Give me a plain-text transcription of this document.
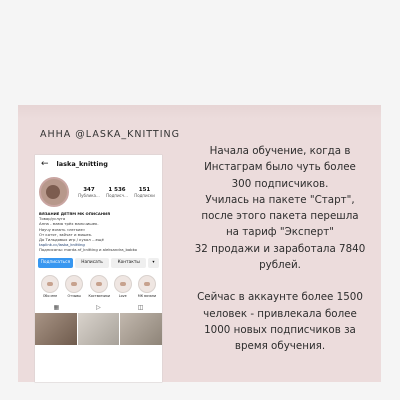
АННА @LASKA_KNITTING
← laska_knitting
347
Публика...
1 536
Подписч...
151
Подписки
ВЯЗАНИЕ ДЕТЯМ МК ОПИСАНИЯ
Товар/услуга
Анна - мама трёх мальчишек.
Научу вязать «легкие»
От котят, зайчат и мишек.
До Тильдовых игр / кукол ...ещё
taplink.cc/laska_knitting
Подписаны: marda.nf_knitting и aleksandra_bobko
Подписаться	Написать	Контакты	▾
Обо мне	Отзывы	Костюмчики	Love	МК вязани
▦	▷	◫

Начала обучение, когда в

Инстаграм было чуть более

300 подписчиков.

Училась на пакете "Старт",

после этого пакета перешла

на тариф "Эксперт"

32 продажи и заработала 7840

рублей.

Сейчас в аккаунте более 1500

человек - привлекала более

1000 новых подписчиков за

время обучения.
